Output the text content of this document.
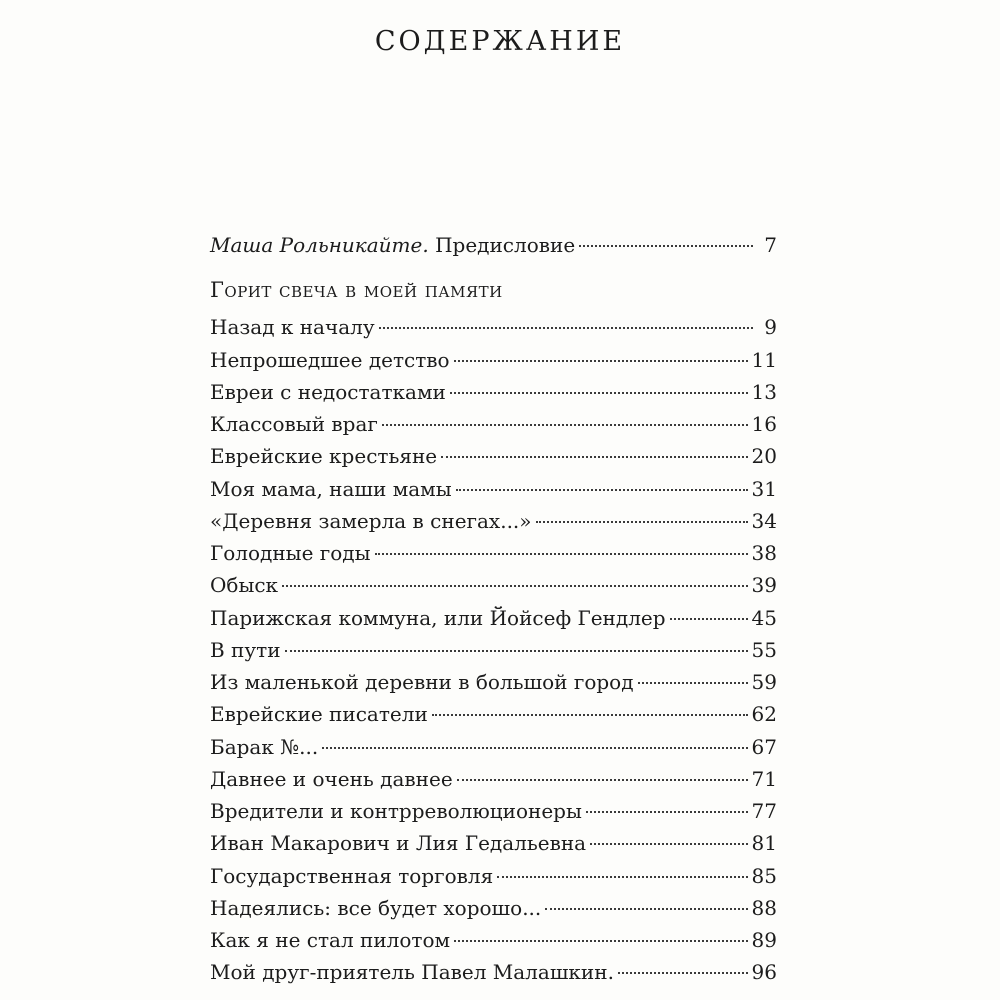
СОДЕРЖАНИЕ
Маша Рольникайте. Предисловие	7
Горит свеча в моей памяти
Назад к началу	9
Непрошедшее детство	11
Евреи с недостатками	13
Классовый враг	16
Еврейские крестьяне	20
Моя мама, наши мамы	31
«Деревня замерла в снегах...»	34
Голодные годы	38
Обыск	39
Парижская коммуна, или Йойсеф Гендлер	45
В пути	55
Из маленькой деревни в большой город	59
Еврейские писатели	62
Барак №...	67
Давнее и очень давнее	71
Вредители и контрреволюционеры	77
Иван Макарович и Лия Гедальевна	81
Государственная торговля	85
Надеялись: все будет хорошо...	88
Как я не стал пилотом	89
Мой друг-приятель Павел Малашкин.	96
